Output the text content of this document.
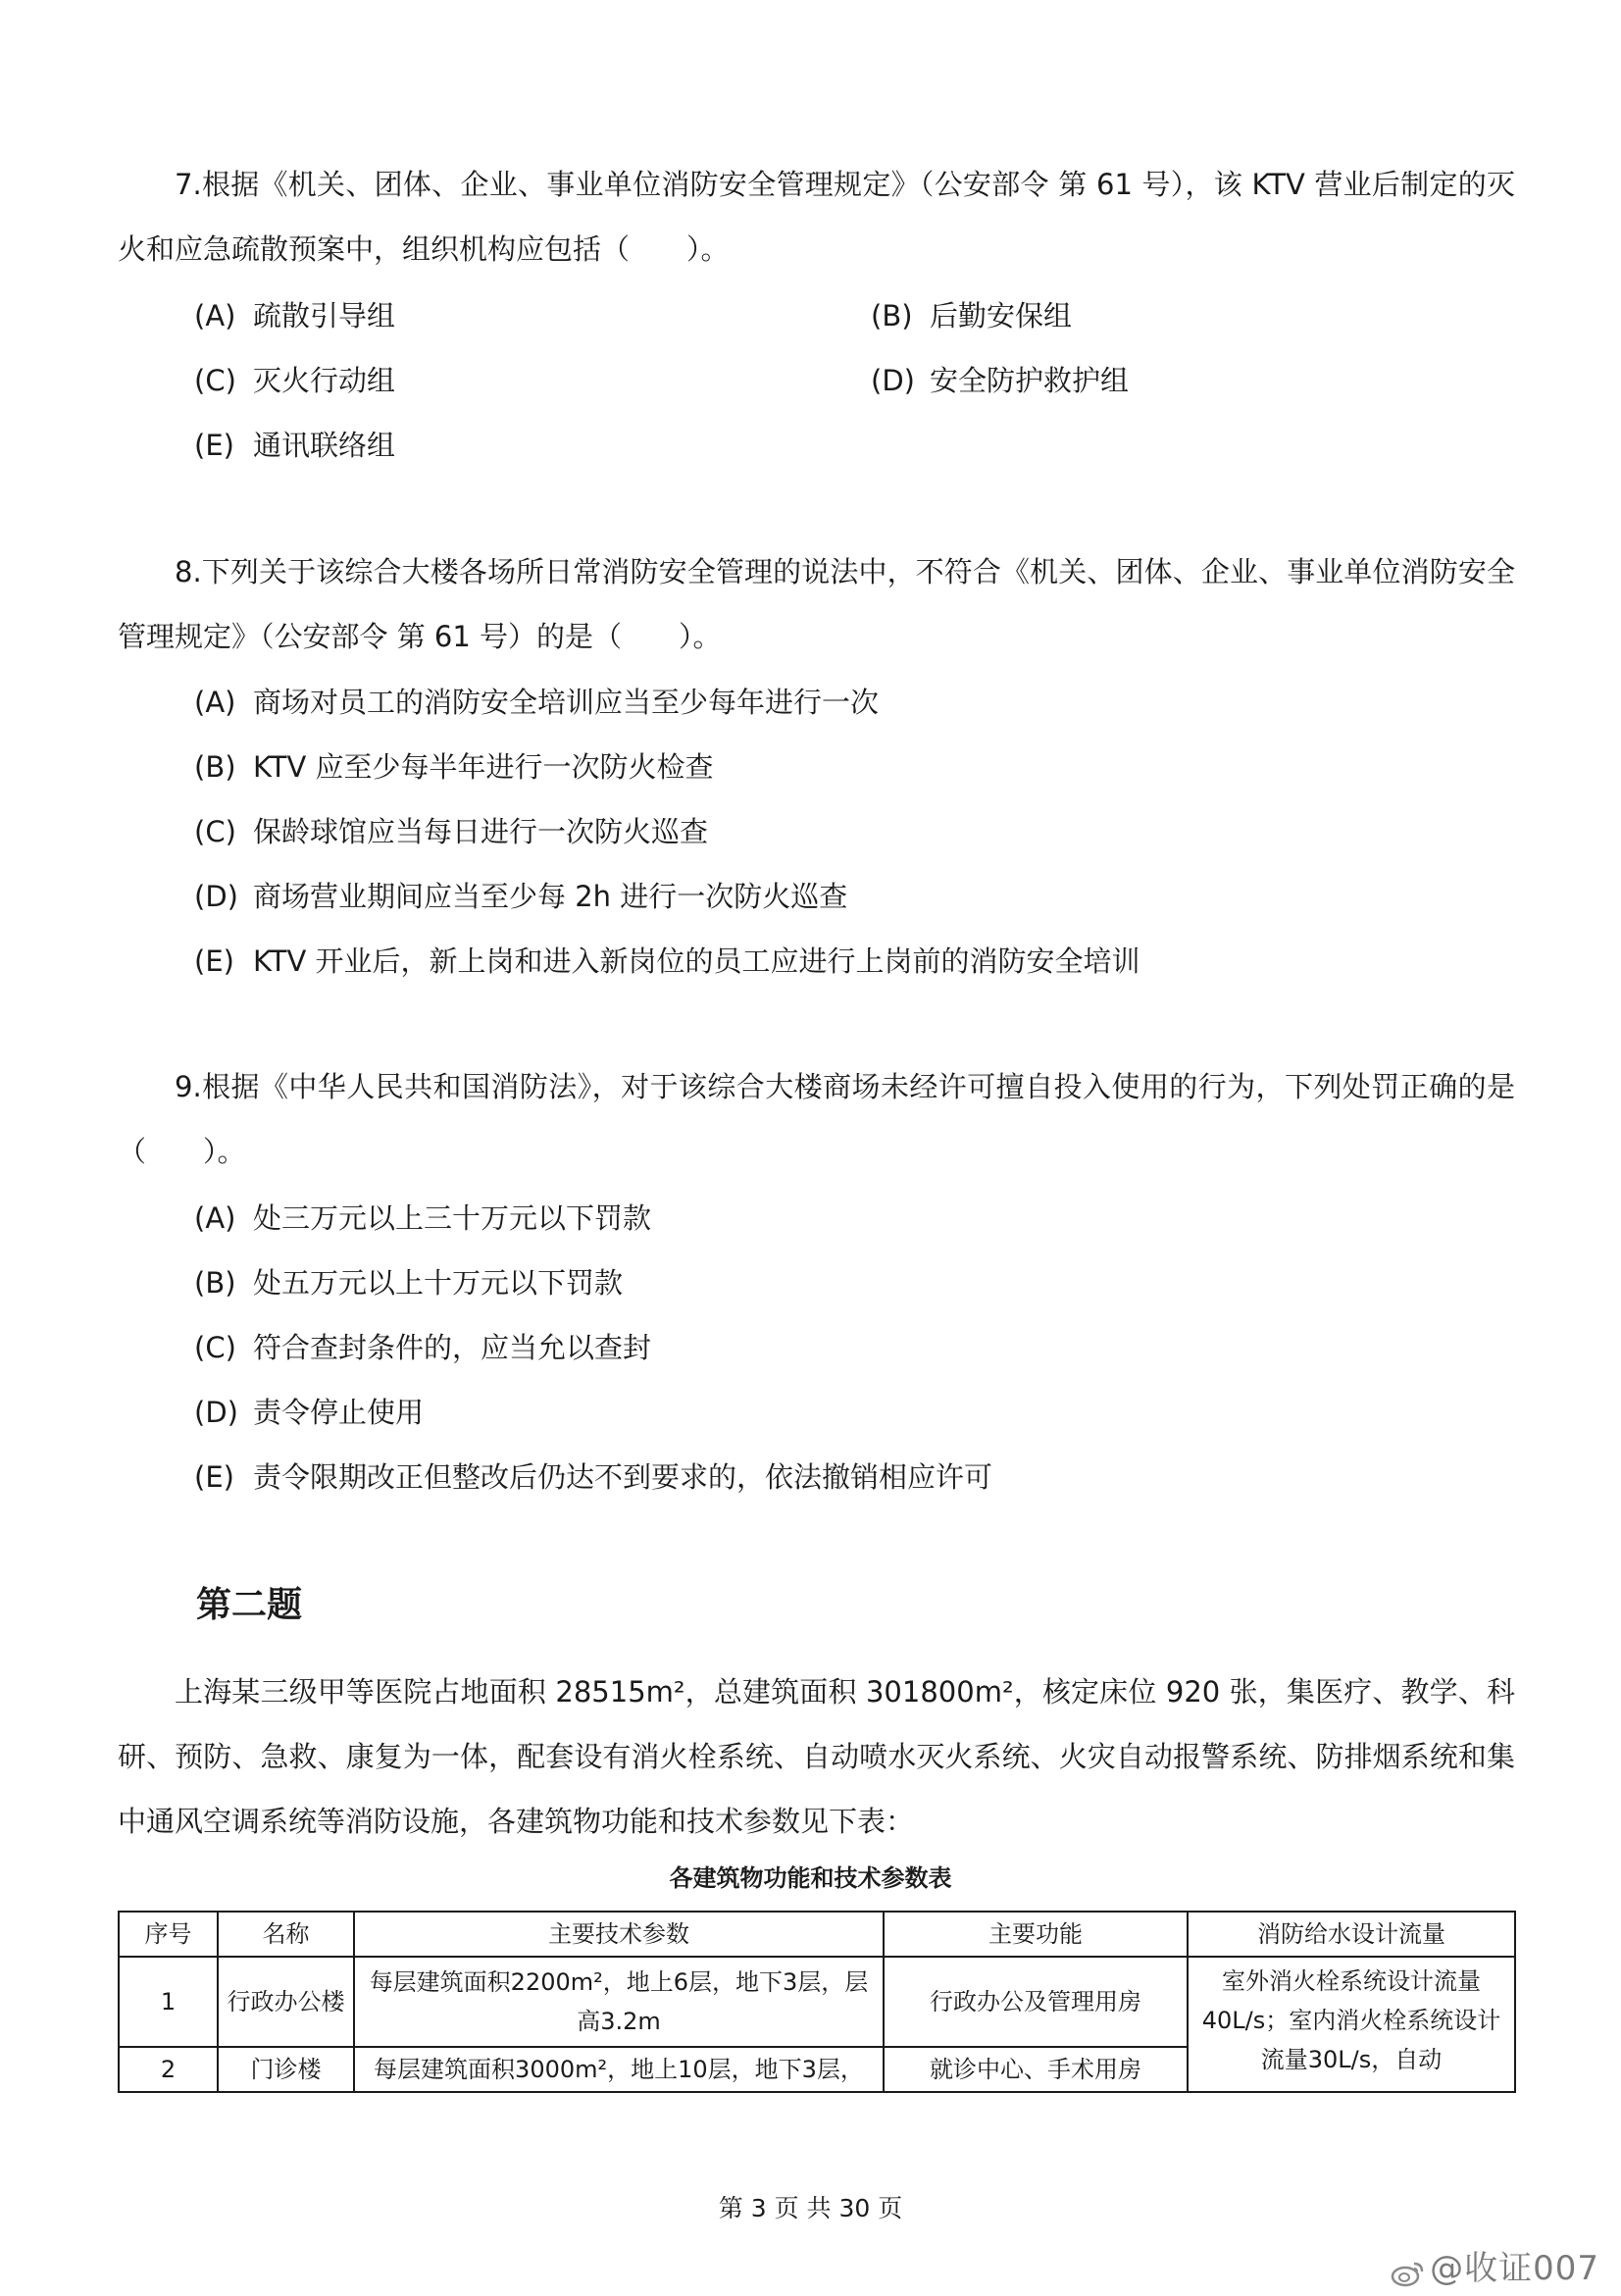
7.根据《机关、团体、企业、事业单位消防安全管理规定》（公安部令 第 61 号），该 KTV 营业后制定的灭火和应急疏散预案中，组织机构应包括（　　）。

(A) 疏散引导组	(B) 后勤安保组
(C) 灭火行动组	(D) 安全防护救护组
(E) 通讯联络组

8.下列关于该综合大楼各场所日常消防安全管理的说法中，不符合《机关、团体、企业、事业单位消防安全管理规定》（公安部令 第 61 号）的是（　　）。

(A) 商场对员工的消防安全培训应当至少每年进行一次
(B) KTV 应至少每半年进行一次防火检查
(C) 保龄球馆应当每日进行一次防火巡查
(D) 商场营业期间应当至少每 2h 进行一次防火巡查
(E) KTV 开业后，新上岗和进入新岗位的员工应进行上岗前的消防安全培训

9.根据《中华人民共和国消防法》，对于该综合大楼商场未经许可擅自投入使用的行为，下列处罚正确的是（　　）。

(A) 处三万元以上三十万元以下罚款
(B) 处五万元以上十万元以下罚款
(C) 符合查封条件的，应当允以查封
(D) 责令停止使用
(E) 责令限期改正但整改后仍达不到要求的，依法撤销相应许可
第二题

上海某三级甲等医院占地面积 28515m²，总建筑面积 301800m²，核定床位 920 张，集医疗、教学、科研、预防、急救、康复为一体，配套设有消火栓系统、自动喷水灭火系统、火灾自动报警系统、防排烟系统和集中通风空调系统等消防设施，各建筑物功能和技术参数见下表：

各建筑物功能和技术参数表
序号	名称	主要技术参数	主要功能	消防给水设计流量
1	行政办公楼	每层建筑面积2200m²，地上6层，地下3层，层高3.2m	行政办公及管理用房	室外消火栓系统设计流量40L/s；室内消火栓系统设计流量30L/s，自动

2	门诊楼	每层建筑面积3000m²，地上10层，地下3层，	就诊中心、手术用房	
第 3 页 共 30 页
@收证007
